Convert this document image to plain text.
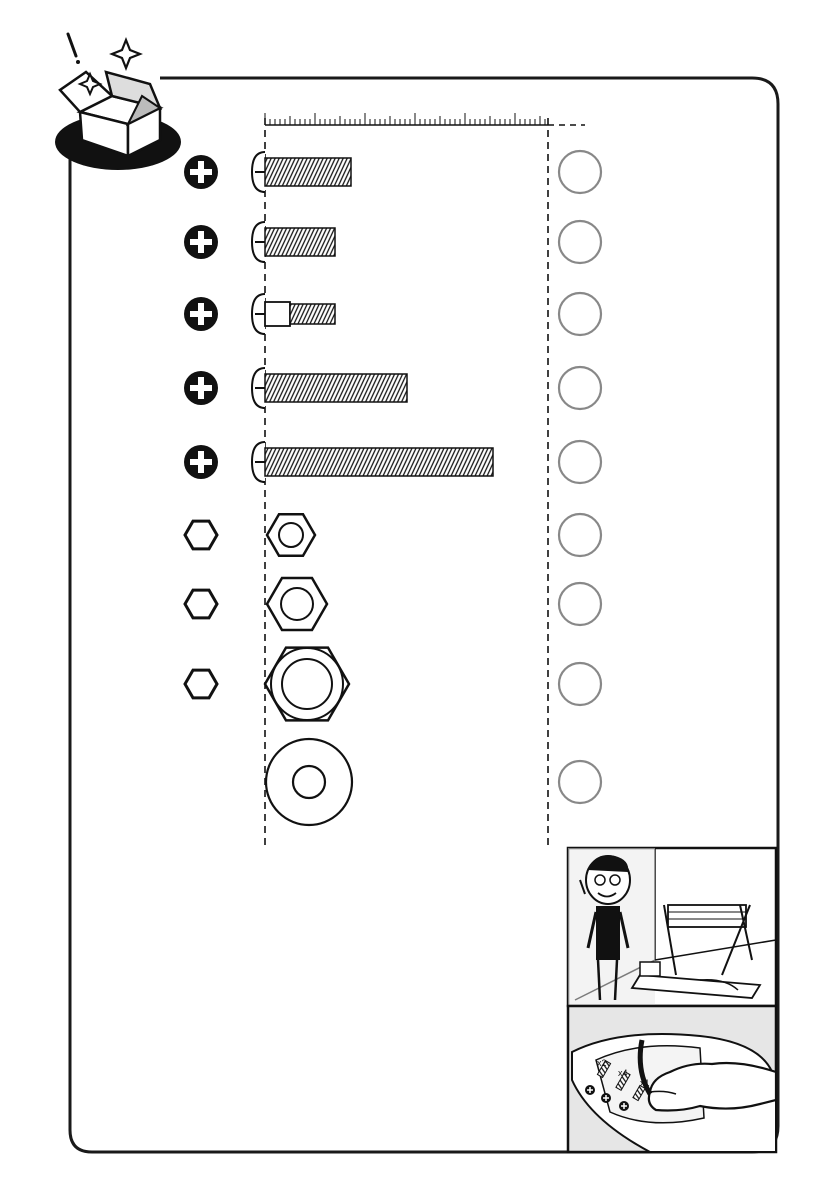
x2
x4
x1
